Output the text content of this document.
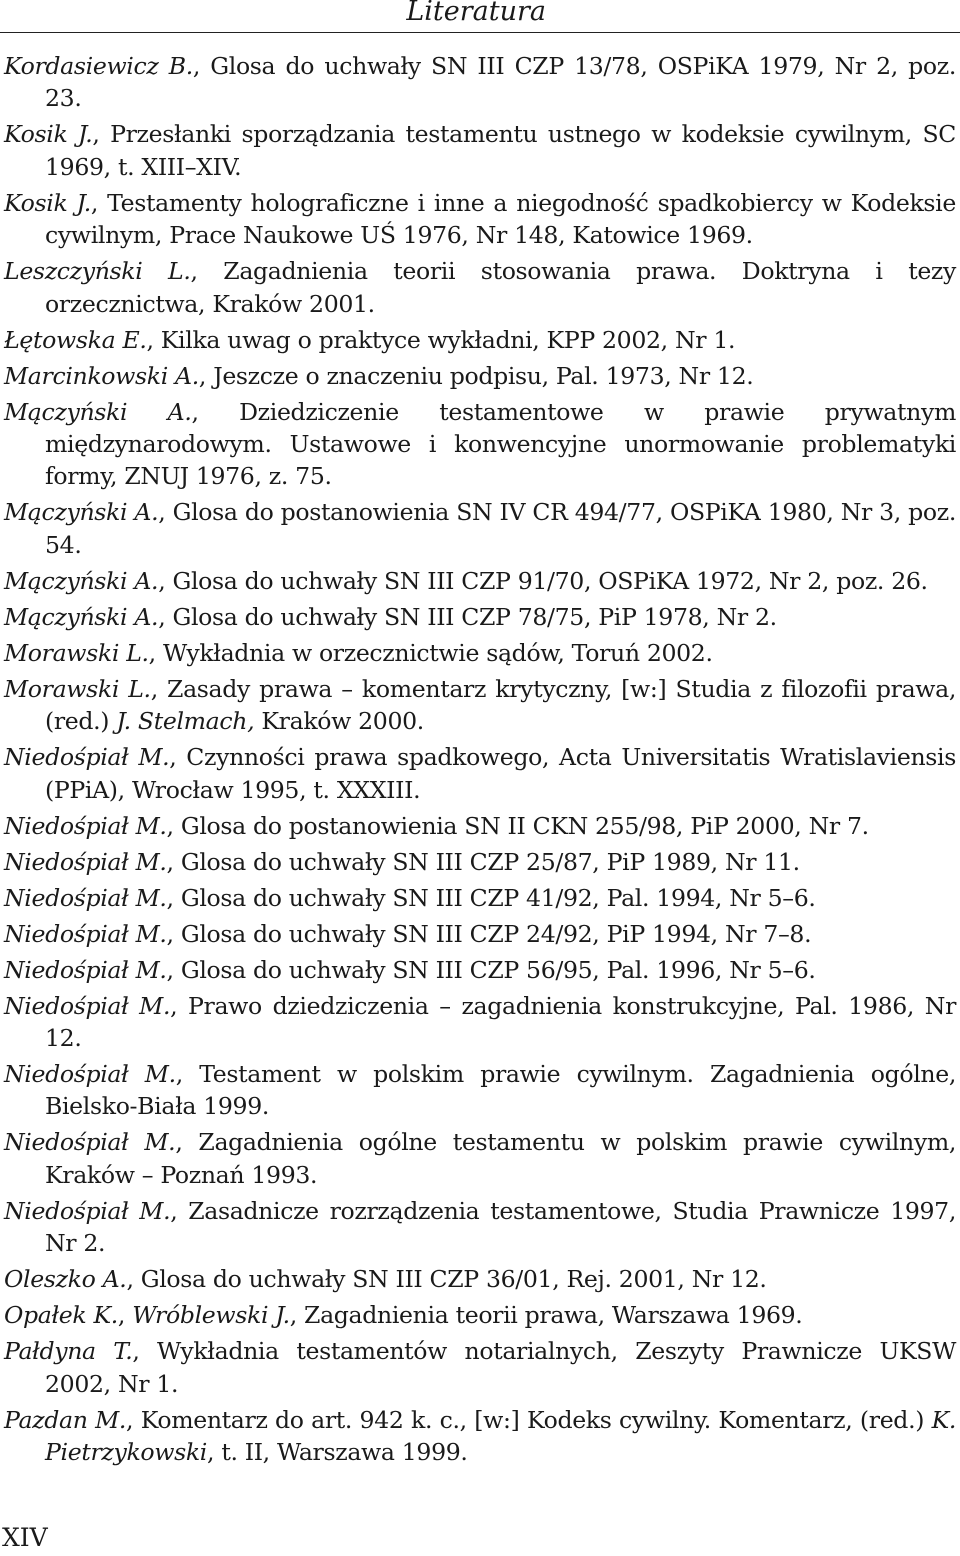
Literatura
Kordasiewicz B., Glosa do uchwały SN III CZP 13/78, OSPiKA 1979, Nr 2, poz. 23.
Kosik J., Przesłanki sporządzania testamentu ustnego w kodeksie cywilnym, SC 1969, t. XIII–XIV.
Kosik J., Testamenty holograficzne i inne a niegodność spadkobiercy w Kodeksie cywilnym, Prace Naukowe UŚ 1976, Nr 148, Katowice 1969.
Leszczyński L., Zagadnienia teorii stosowania prawa. Doktryna i tezy orzecznictwa, Kraków 2001.
Łętowska E., Kilka uwag o praktyce wykładni, KPP 2002, Nr 1.
Marcinkowski A., Jeszcze o znaczeniu podpisu, Pal. 1973, Nr 12.
Mączyński A., Dziedziczenie testamentowe w prawie prywatnym międzynarodowym. Ustawowe i konwencyjne unormowanie problematyki formy, ZNUJ 1976, z. 75.
Mączyński A., Glosa do postanowienia SN IV CR 494/77, OSPiKA 1980, Nr 3, poz. 54.
Mączyński A., Glosa do uchwały SN III CZP 91/70, OSPiKA 1972, Nr 2, poz. 26.
Mączyński A., Glosa do uchwały SN III CZP 78/75, PiP 1978, Nr 2.
Morawski L., Wykładnia w orzecznictwie sądów, Toruń 2002.
Morawski L., Zasady prawa – komentarz krytyczny, [w:] Studia z filozofii prawa, (red.) J. Stelmach, Kraków 2000.
Niedośpiał M., Czynności prawa spadkowego, Acta Universitatis Wratislaviensis (PPiA), Wrocław 1995, t. XXXIII.
Niedośpiał M., Glosa do postanowienia SN II CKN 255/98, PiP 2000, Nr 7.
Niedośpiał M., Glosa do uchwały SN III CZP 25/87, PiP 1989, Nr 11.
Niedośpiał M., Glosa do uchwały SN III CZP 41/92, Pal. 1994, Nr 5–6.
Niedośpiał M., Glosa do uchwały SN III CZP 24/92, PiP 1994, Nr 7–8.
Niedośpiał M., Glosa do uchwały SN III CZP 56/95, Pal. 1996, Nr 5–6.
Niedośpiał M., Prawo dziedziczenia – zagadnienia konstrukcyjne, Pal. 1986, Nr 12.
Niedośpiał M., Testament w polskim prawie cywilnym. Zagadnienia ogólne, Bielsko-Biała 1999.
Niedośpiał M., Zagadnienia ogólne testamentu w polskim prawie cywilnym, Kraków – Poznań 1993.
Niedośpiał M., Zasadnicze rozrządzenia testamentowe, Studia Prawnicze 1997, Nr 2.
Oleszko A., Glosa do uchwały SN III CZP 36/01, Rej. 2001, Nr 12.
Opałek K., Wróblewski J., Zagadnienia teorii prawa, Warszawa 1969.
Pałdyna T., Wykładnia testamentów notarialnych, Zeszyty Prawnicze UKSW 2002, Nr 1.
Pazdan M., Komentarz do art. 942 k. c., [w:] Kodeks cywilny. Komentarz, (red.) K. Pietrzykowski, t. II, Warszawa 1999.
XIV
